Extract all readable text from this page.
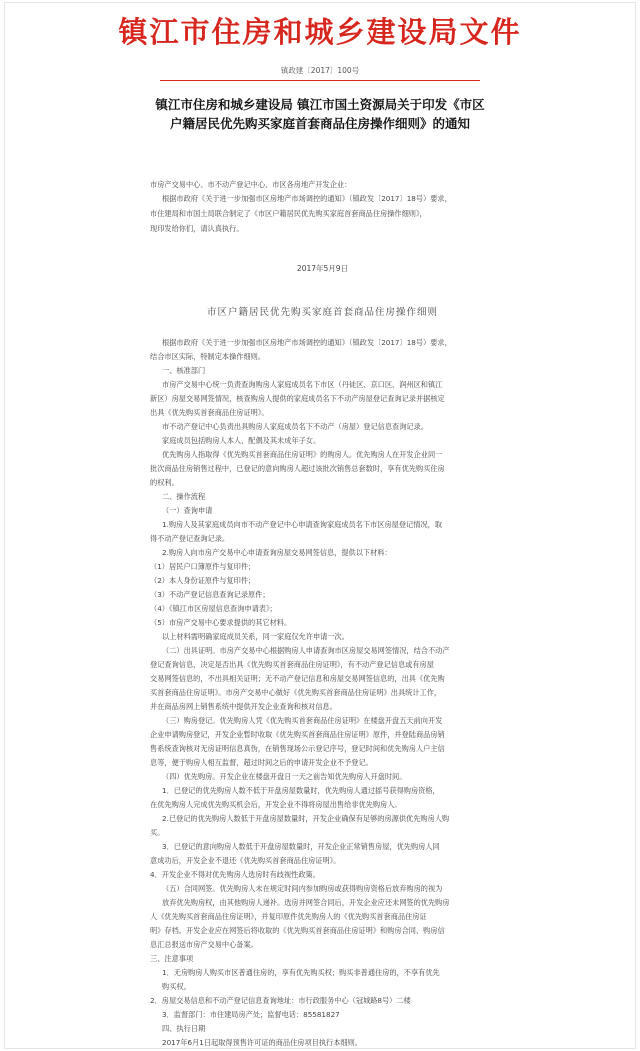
镇江市住房和城乡建设局文件
镇政建〔2017〕100号
镇江市住房和城乡建设局 镇江市国土资源局关于印发《市区
户籍居民优先购买家庭首套商品住房操作细则》的通知
市房产交易中心、市不动产登记中心、市区各房地产开发企业：
根据市政府《关于进一步加强市区房地产市场调控的通知》（镇政发〔2017〕18号）要求，
市住建局和市国土局联合制定了《市区户籍居民优先购买家庭首套商品住房操作细则》，
现印发给你们，请认真执行。
2017年5月9日
市区户籍居民优先购买家庭首套商品住房操作细则
根据市政府《关于进一步加强市区房地产市场调控的通知》（镇政发〔2017〕18号）要求，
结合市区实际，特制定本操作细则。
一、核准部门
市房产交易中心统一负责查询购房人家庭成员名下市区（丹徒区、京口区、润州区和镇江
新区）房屋交易网签情况，核查购房人提供的家庭成员名下不动产房屋登记查询记录并据核定
出具《优先购买首套商品住房证明》。
市不动产登记中心负责出具购房人家庭成员名下不动产（房屋）登记信息查询记录。
家庭成员包括购房人本人、配偶及其未成年子女。
优先购房人指取得《优先购买首套商品住房证明》的购房人。优先购房人在开发企业同一
批次商品住房销售过程中，已登记的意向购房人超过该批次销售总套数时，享有优先购买住房
的权利。
二、操作流程
（一）查询申请
1.购房人及其家庭成员向市不动产登记中心申请查询家庭成员名下市区房屋登记情况，取
得不动产登记查询记录。
2.购房人向市房产交易中心申请查询房屋交易网签信息，提供以下材料：
（1）居民户口簿原件与复印件；
（2）本人身份证原件与复印件；
（3）不动产登记信息查询记录原件；
（4）《镇江市区房屋信息查询申请表》；
（5）市房产交易中心要求提供的其它材料。
以上材料需明确家庭成员关系，同一家庭仅允许申请一次。
（二）出具证明。市房产交易中心根据购房人申请查询市区房屋交易网签情况，结合不动产
登记查询信息，决定是否出具《优先购买首套商品住房证明》，有不动产登记信息或有房屋
交易网签信息的，不出具相关证明；无不动产登记信息和房屋交易网签信息的，出具《优先购
买首套商品住房证明》。市房产交易中心做好《优先购买首套商品住房证明》出具统计工作，
并在商品房网上销售系统中提供开发企业查询和核对信息。
（三）购房登记。优先购房人凭《优先购买首套商品住房证明》在楼盘开盘五天前向开发
企业申请购房登记，开发企业暂时收取《优先购买首套商品住房证明》原件，并登陆商品房销
售系统查询核对无房证明信息真伪，在销售现场公示登记序号，登记时间和优先购房人户主信
息等，便于购房人相互监督，超过时间之后的申请开发企业不予登记。
（四）优先购房。开发企业在楼盘开盘日一天之前告知优先购房人开盘时间。
1．已登记的优先购房人数不低于开盘房屋数量时，优先购房人通过摇号获得购房资格，
在优先购房人完成优先购买机会后，开发企业不得将房屋出售给非优先购房人。
2.已登记的优先购房人数低于开盘房屋数量时，开发企业确保有足够的房源供优先购房人购
买。
3．已登记的意向购房人数低于开盘房屋数量时，开发企业正常销售房屋，优先购房人同
意成功后，开发企业不退还《优先购买首套商品住房证明》。
4．开发企业不得对优先购房人选房时有歧视性政策。
（五）合同网签。优先购房人未在规定时间内参加购房或获得购房资格后放弃购房的视为
放弃优先购房权，由其他购房人递补。选房并网签合同后，开发企业应还未网签的优先购房
人《优先购买首套商品住房证明》，并复印原件优先购房人的《优先购买首套商品住房证
明》存档。开发企业应在网签后将收取的《优先购买首套商品住房证明》和购房合同、购房信
息汇总报送市房产交易中心备案。
三、注意事项
1．无房购房人购买市区普通住房的，享有优先购买权；购买非普通住房的，不享有优先
购买权。
2．房屋交易信息和不动产登记信息查询地址：市行政服务中心（冠城路8号）二楼
3．监督部门：市住建局房产处；监督电话：85581827
四、执行日期
2017年6月1日起取得预售许可证的商品住房项目执行本细则。
